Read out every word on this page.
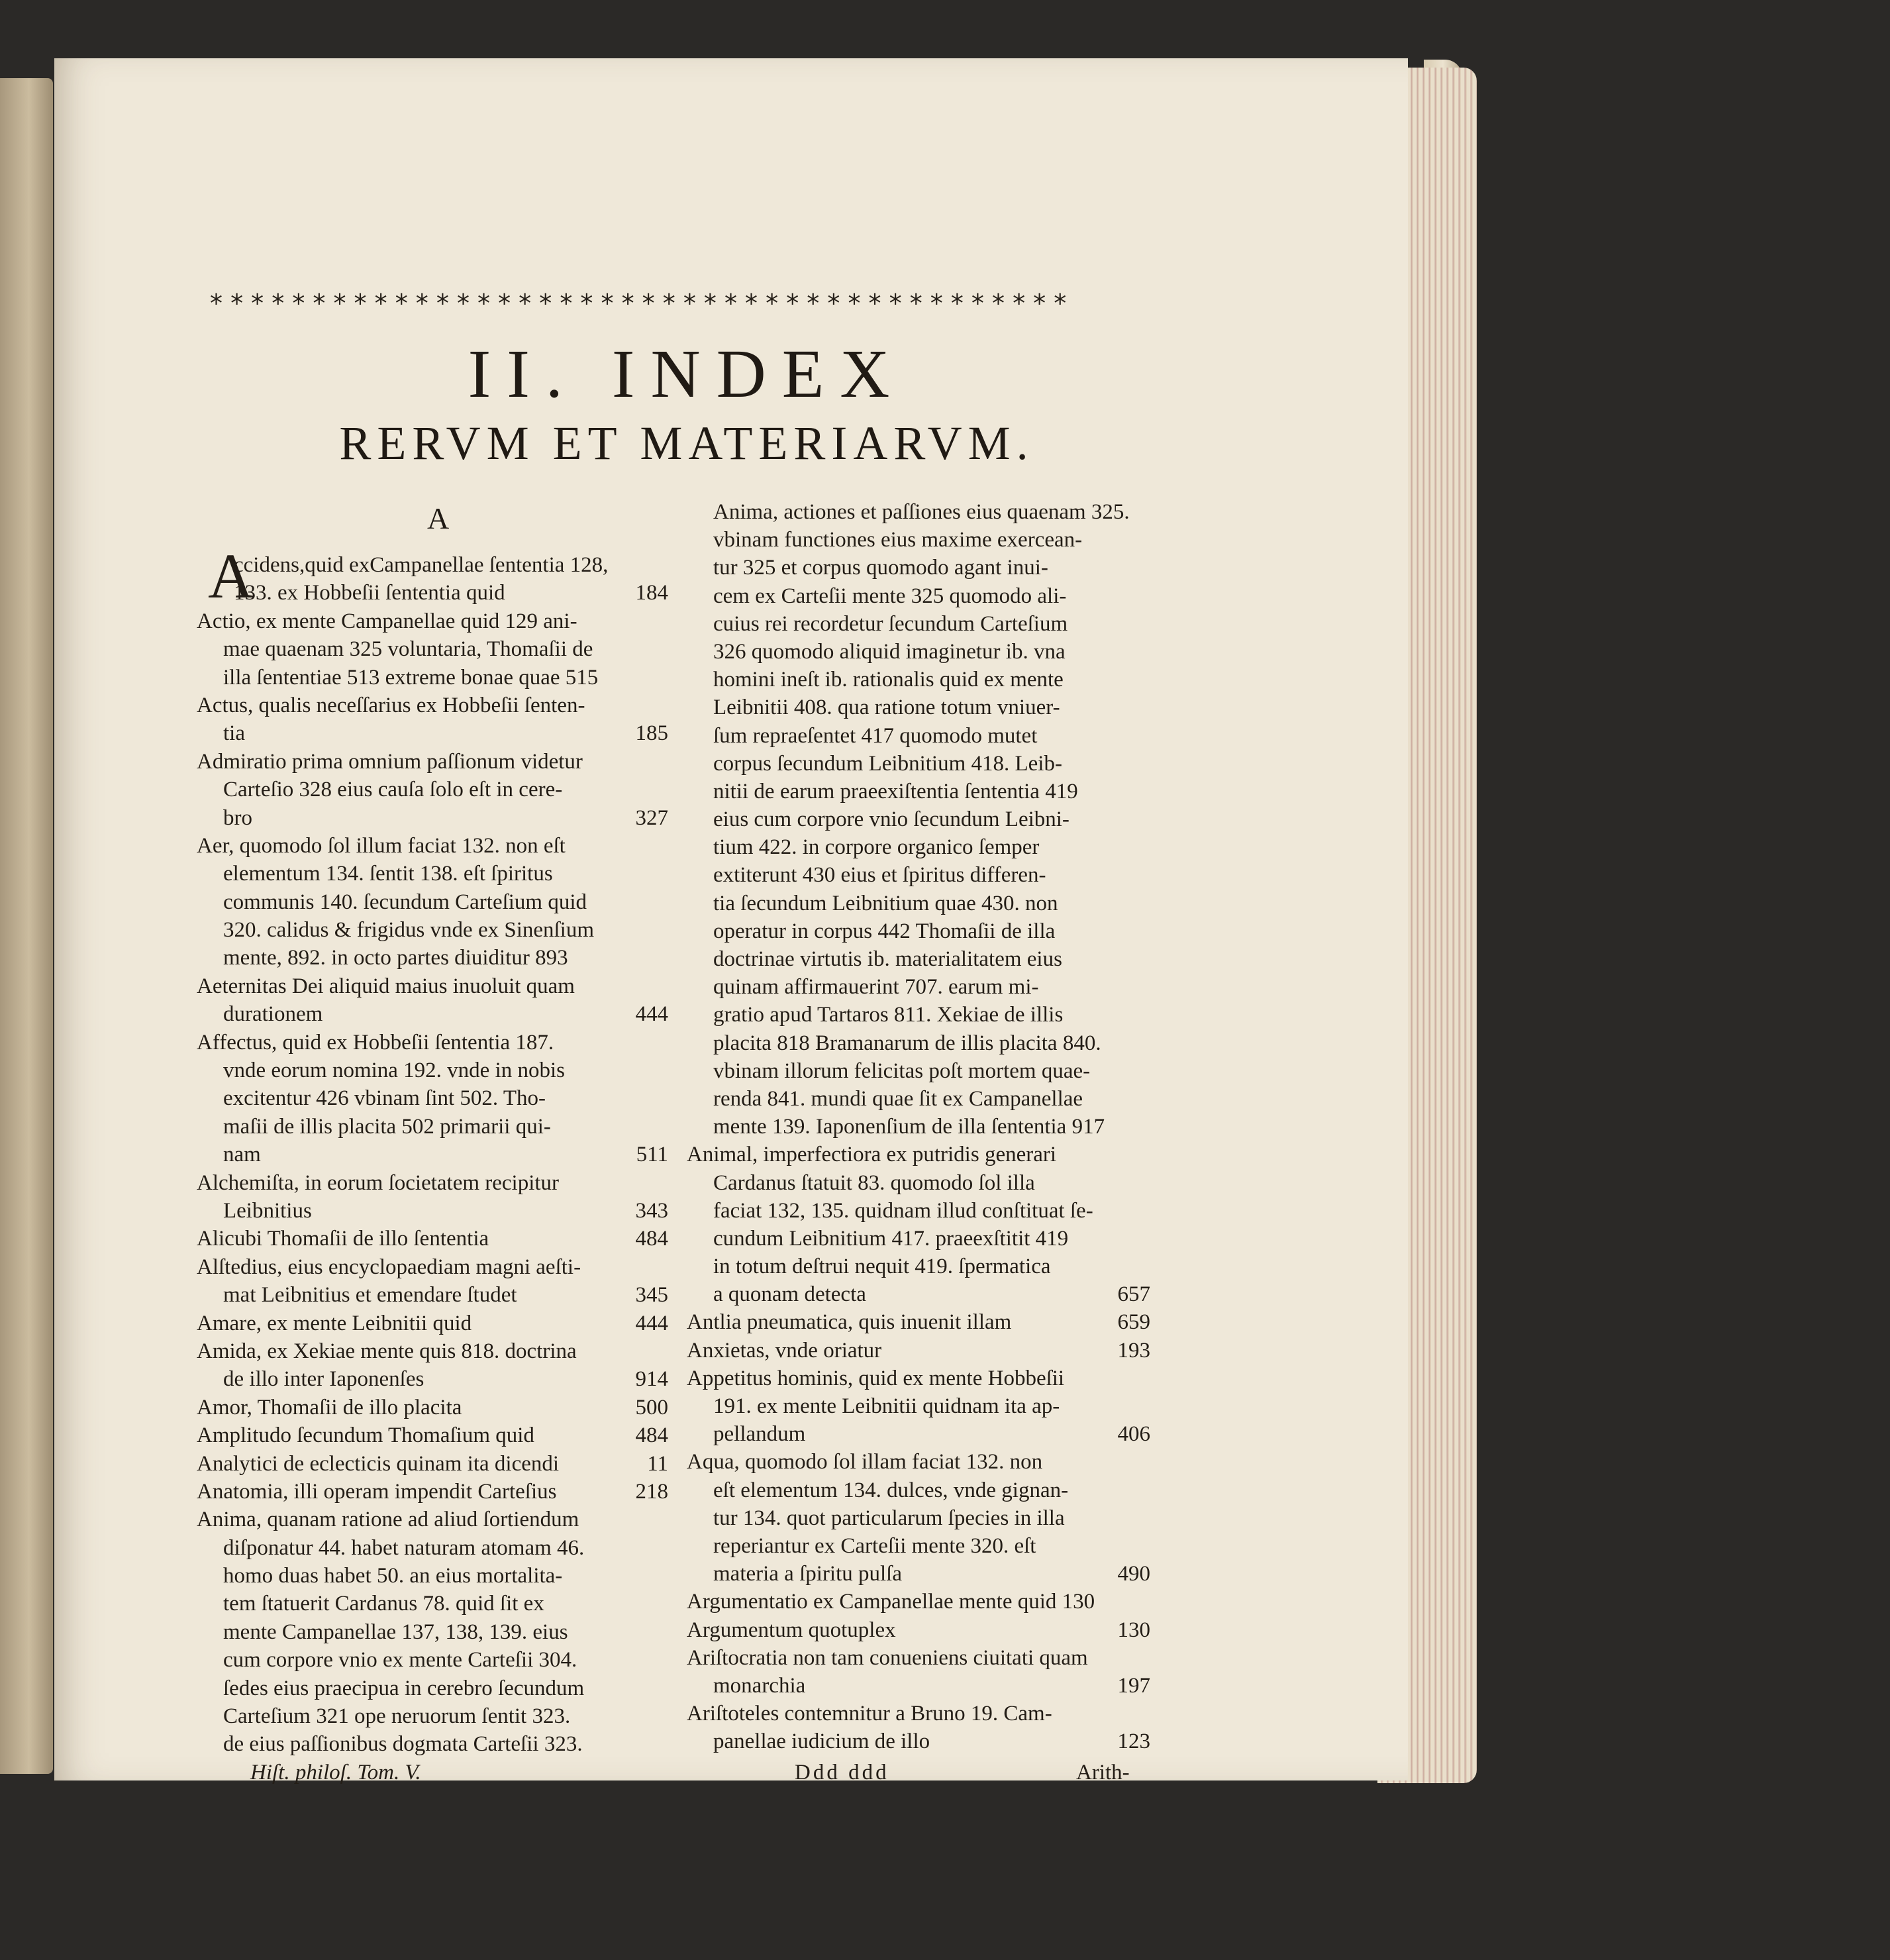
* * * * * * * * * * * * * * * * * * * * * * * * * * * * * * * * * * * * * * * * * *
II. INDEX
RERVM ET MATERIARVM.
A
A
ccidens,quid exCampanellae ſententia 128,
133. ex Hobbeſii ſententia quid	184
Actio, ex mente Campanellae quid 129 ani-
mae quaenam 325 voluntaria, Thomaſii de
illa ſententiae 513 extreme bonae quae 515
Actus, qualis neceſſarius ex Hobbeſii ſenten-
tia	185
Admiratio prima omnium paſſionum videtur
Carteſio 328 eius cauſa ſolo eſt in cere-
bro	327
Aer, quomodo ſol illum faciat 132. non eſt
elementum 134. ſentit 138. eſt ſpiritus
communis 140. ſecundum Carteſium quid
320. calidus & frigidus vnde ex Sinenſium
mente, 892. in octo partes diuiditur 893
Aeternitas Dei aliquid maius inuoluit quam
durationem	444
Affectus, quid ex Hobbeſii ſententia 187.
vnde eorum nomina 192. vnde in nobis
excitentur 426 vbinam ſint 502. Tho-
maſii de illis placita 502 primarii qui-
nam	511
Alchemiſta, in eorum ſocietatem recipitur
Leibnitius	343
Alicubi Thomaſii de illo ſententia	484
Alſtedius, eius encyclopaediam magni aeſti-
mat Leibnitius et emendare ſtudet	345
Amare, ex mente Leibnitii quid	444
Amida, ex Xekiae mente quis 818. doctrina
de illo inter Iaponenſes	914
Amor, Thomaſii de illo placita	500
Amplitudo ſecundum Thomaſium quid	484
Analytici de eclecticis quinam ita dicendi	11
Anatomia, illi operam impendit Carteſius	218
Anima, quanam ratione ad aliud ſortiendum
diſponatur 44. habet naturam atomam 46.
homo duas habet 50. an eius mortalita-
tem ſtatuerit Cardanus 78. quid ſit ex
mente Campanellae 137, 138, 139. eius
cum corpore vnio ex mente Carteſii 304.
ſedes eius praecipua in cerebro ſecundum
Carteſium 321 ope neruorum ſentit 323.
de eius paſſionibus dogmata Carteſii 323.
Anima, actiones et paſſiones eius quaenam 325.
vbinam functiones eius maxime exercean-
tur 325 et corpus quomodo agant inui-
cem ex Carteſii mente 325 quomodo ali-
cuius rei recordetur ſecundum Carteſium
326 quomodo aliquid imaginetur ib. vna
homini ineſt ib. rationalis quid ex mente
Leibnitii 408. qua ratione totum vniuer-
ſum repraeſentet 417 quomodo mutet
corpus ſecundum Leibnitium 418. Leib-
nitii de earum praeexiſtentia ſententia 419
eius cum corpore vnio ſecundum Leibni-
tium 422. in corpore organico ſemper
extiterunt 430 eius et ſpiritus differen-
tia ſecundum Leibnitium quae 430. non
operatur in corpus 442 Thomaſii de illa
doctrinae virtutis ib. materialitatem eius
quinam affirmauerint 707. earum mi-
gratio apud Tartaros 811. Xekiae de illis
placita 818 Bramanarum de illis placita 840.
vbinam illorum felicitas poſt mortem quae-
renda 841. mundi quae ſit ex Campanellae
mente 139. Iaponenſium de illa ſententia 917
Animal, imperfectiora ex putridis generari
Cardanus ſtatuit 83. quomodo ſol illa
faciat 132, 135. quidnam illud conſtituat ſe-
cundum Leibnitium 417. praeexſtitit 419
in totum deſtrui nequit 419. ſpermatica
a quonam detecta	657
Antlia pneumatica, quis inuenit illam	659
Anxietas, vnde oriatur	193
Appetitus hominis, quid ex mente Hobbeſii
191. ex mente Leibnitii quidnam ita ap-
pellandum	406
Aqua, quomodo ſol illam faciat 132. non
eſt elementum 134. dulces, vnde gignan-
tur 134. quot particularum ſpecies in illa
reperiantur ex Carteſii mente 320. eſt
materia a ſpiritu pulſa	490
Argumentatio ex Campanellae mente quid 130
Argumentum quotuplex	130
Ariſtocratia non tam conueniens ciuitati quam
monarchia	197
Ariſtoteles contemnitur a Bruno 19. Cam-
panellae iudicium de illo	123
Hiſt. philoſ. Tom. V.	Ddd ddd	Arith-
